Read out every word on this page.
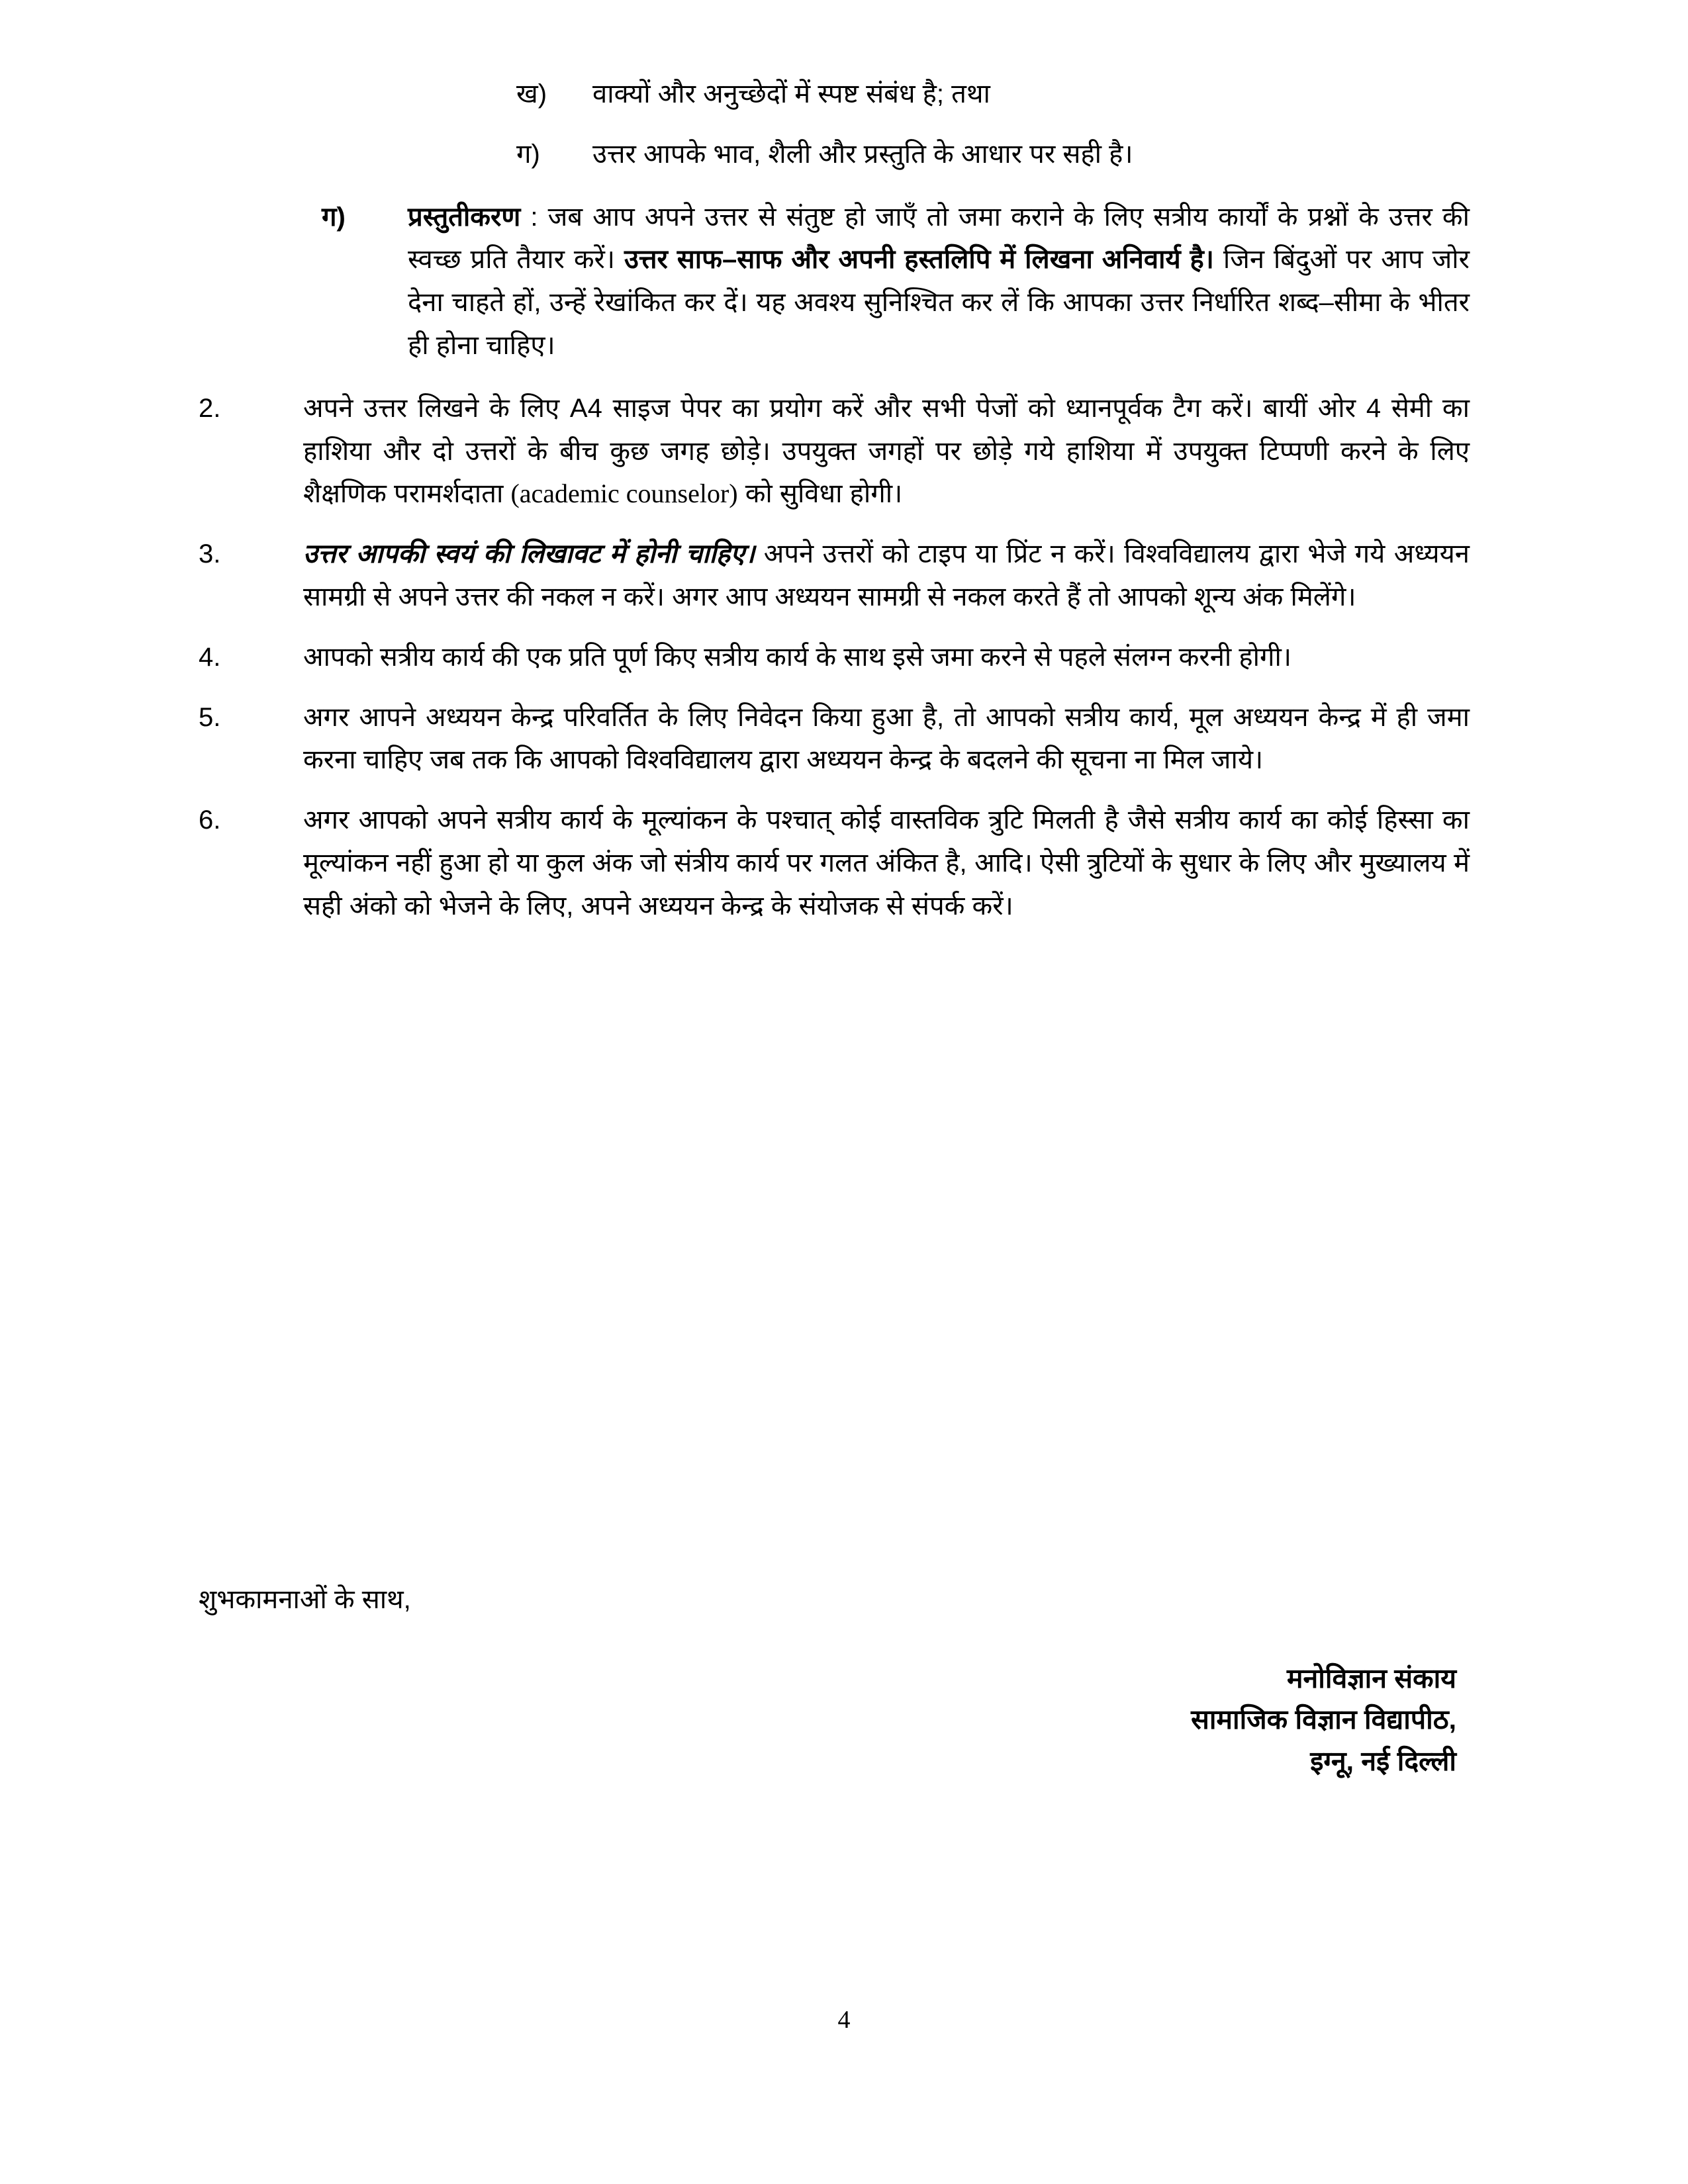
ख)	वाक्यों और अनुच्छेदों में स्पष्ट संबंध है; तथा
ग)	उत्तर आपके भाव, शैली और प्रस्तुति के आधार पर सही है।
ग)	प्रस्तुतीकरण : जब आप अपने उत्तर से संतुष्ट हो जाएँ तो जमा कराने के लिए सत्रीय कार्यों के प्रश्नों के उत्तर की स्वच्छ प्रति तैयार करें। उत्तर साफ–साफ और अपनी हस्तलिपि में लिखना अनिवार्य है। जिन बिंदुओं पर आप जोर देना चाहते हों, उन्हें रेखांकित कर दें। यह अवश्य सुनिश्चित कर लें कि आपका उत्तर निर्धारित शब्द–सीमा के भीतर ही होना चाहिए।
2.	अपने उत्तर लिखने के लिए A4 साइज पेपर का प्रयोग करें और सभी पेजों को ध्यानपूर्वक टैग करें। बायीं ओर 4 सेमी का हाशिया और दो उत्तरों के बीच कुछ जगह छोड़े। उपयुक्त जगहों पर छोड़े गये हाशिया में उपयुक्त टिप्पणी करने के लिए शैक्षणिक परामर्शदाता (academic counselor) को सुविधा होगी।
3.	उत्तर आपकी स्वयं की लिखावट में होनी चाहिए। अपने उत्तरों को टाइप या प्रिंट न करें। विश्वविद्यालय द्वारा भेजे गये अध्ययन सामग्री से अपने उत्तर की नकल न करें। अगर आप अध्ययन सामग्री से नकल करते हैं तो आपको शून्य अंक मिलेंगे।
4.	आपको सत्रीय कार्य की एक प्रति पूर्ण किए सत्रीय कार्य के साथ इसे जमा करने से पहले संलग्न करनी होगी।
5.	अगर आपने अध्ययन केन्द्र परिवर्तित के लिए निवेदन किया हुआ है, तो आपको सत्रीय कार्य, मूल अध्ययन केन्द्र में ही जमा करना चाहिए जब तक कि आपको विश्वविद्यालय द्वारा अध्ययन केन्द्र के बदलने की सूचना ना मिल जाये।
6.	अगर आपको अपने सत्रीय कार्य के मूल्यांकन के पश्चात् कोई वास्तविक त्रुटि मिलती है जैसे सत्रीय कार्य का कोई हिस्सा का मूल्यांकन नहीं हुआ हो या कुल अंक जो संत्रीय कार्य पर गलत अंकित है, आदि। ऐसी त्रुटियों के सुधार के लिए और मुख्यालय में सही अंको को भेजने के लिए, अपने अध्ययन केन्द्र के संयोजक से संपर्क करें।
शुभकामनाओं के साथ,
मनोविज्ञान संकाय
सामाजिक विज्ञान विद्यापीठ,
इग्नू, नई दिल्ली
4
